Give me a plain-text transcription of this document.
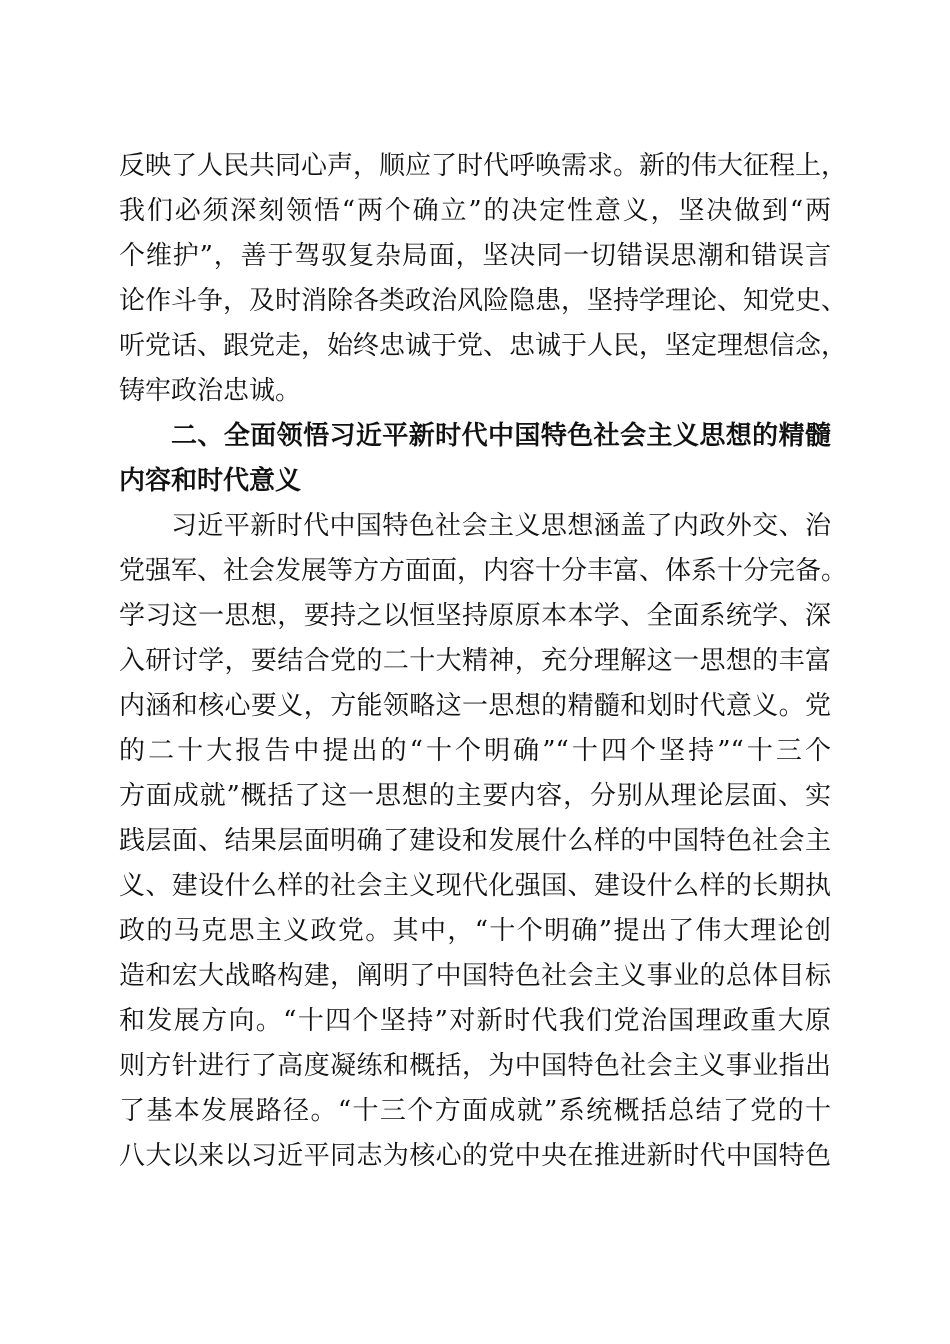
反映了人民共同心声，顺应了时代呼唤需求。新的伟大征程上，
我们必须深刻领悟“两个确立”的决定性意义，坚决做到“两
个维护”，善于驾驭复杂局面，坚决同一切错误思潮和错误言
论作斗争，及时消除各类政治风险隐患，坚持学理论、知党史、
听党话、跟党走，始终忠诚于党、忠诚于人民，坚定理想信念，
铸牢政治忠诚。
二、全面领悟习近平新时代中国特色社会主义思想的精髓
内容和时代意义
习近平新时代中国特色社会主义思想涵盖了内政外交、治
党强军、社会发展等方方面面，内容十分丰富、体系十分完备。
学习这一思想，要持之以恒坚持原原本本学、全面系统学、深
入研讨学，要结合党的二十大精神，充分理解这一思想的丰富
内涵和核心要义，方能领略这一思想的精髓和划时代意义。党
的二十大报告中提出的“十个明确”“十四个坚持”“十三个
方面成就”概括了这一思想的主要内容，分别从理论层面、实
践层面、结果层面明确了建设和发展什么样的中国特色社会主
义、建设什么样的社会主义现代化强国、建设什么样的长期执
政的马克思主义政党。其中，“十个明确”提出了伟大理论创
造和宏大战略构建，阐明了中国特色社会主义事业的总体目标
和发展方向。“十四个坚持”对新时代我们党治国理政重大原
则方针进行了高度凝练和概括，为中国特色社会主义事业指出
了基本发展路径。“十三个方面成就”系统概括总结了党的十
八大以来以习近平同志为核心的党中央在推进新时代中国特色
